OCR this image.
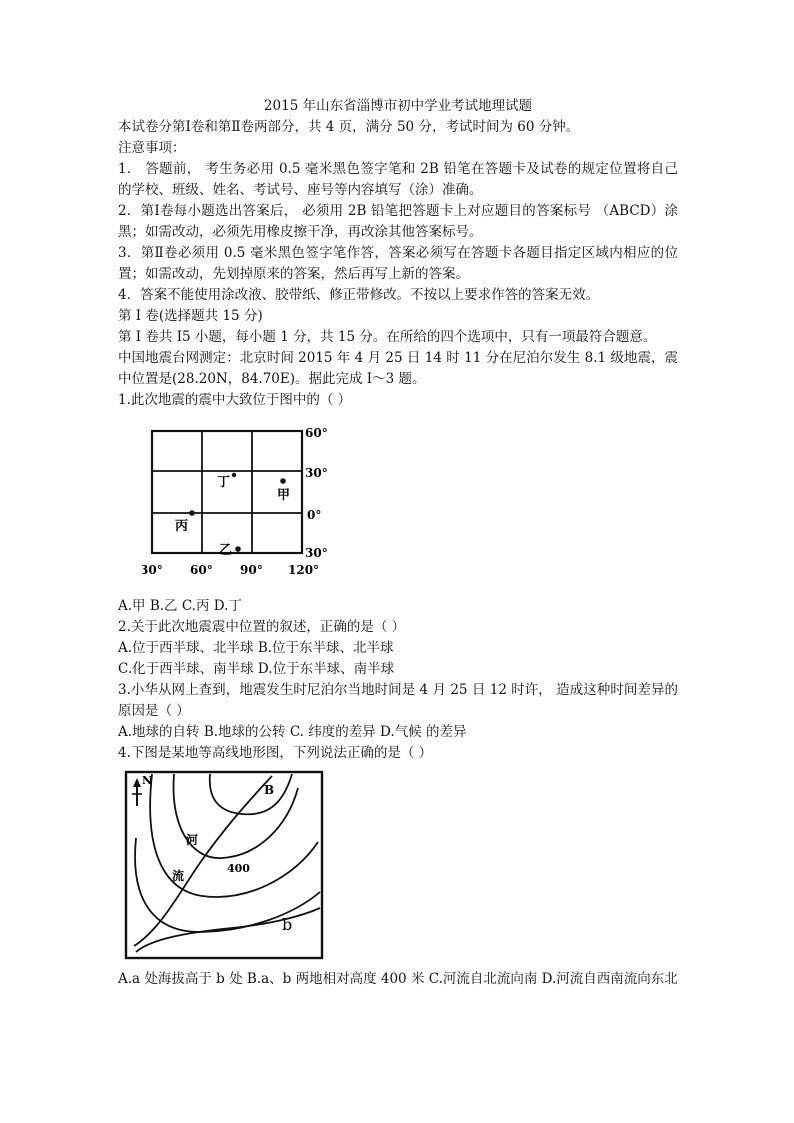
2015 年山东省淄博市初中学业考试地理试题

本试卷分第Ⅰ卷和第Ⅱ卷两部分，共 4 页，满分 50 分，考试时间为 60 分钟。

注意事项：

1． 答题前， 考生务必用 0.5 毫米黑色签字笔和 2B 铅笔在答题卡及试卷的规定位置将自己的学校、班级、姓名、考试号、座号等内容填写（涂）准确。

2．第Ⅰ卷每小题选出答案后， 必须用 2B 铅笔把答题卡上对应题目的答案标号 （ABCD）涂黑；如需改动，必须先用橡皮擦干净，再改涂其他答案标号。

3．第Ⅱ卷必须用 0.5 毫米黑色签字笔作答，答案必须写在答题卡各题目指定区域内相应的位置；如需改动，先划掉原来的答案，然后再写上新的答案。

4．答案不能使用涂改液、胶带纸、修正带修改。不按以上要求作答的答案无效。

第 Ⅰ 卷(选择题共 15 分)

第 Ⅰ 卷共 I5 小题，每小题 1 分，共 15 分。在所给的四个选项中，只有一项最符合题意。

中国地震台网测定：北京时间 2015 年 4 月 25 日 14 时 11 分在尼泊尔发生 8.1 级地震，震中位置是(28.20N，84.70E)。据此完成 Ⅰ～3 题。

1.此次地震的震中大致位于图中的（ ）

60°
30°
0°
30°
30° 60° 90° 120°
甲
乙
丙
丁

A.甲 B.乙 C.丙 D.丁

2.关于此次地震震中位置的叙述，正确的是（ ）

A.位于西半球、北半球 B.位于东半球、北半球

C.化于西半球、南半球 D.位于东半球、南半球

3.小华从网上查到，地震发生时尼泊尔当地时间是 4 月 25 日 12 时许， 造成这种时间差异的原因是（ ）

A.地球的自转 B.地球的公转 C. 纬度的差异 D.气候 的差异

4.下图是某地等高线地形图，下列说法正确的是（ ）

N
B
河
流
400
b

A.a 处海拔高于 b 处 B.a、b 两地相对高度 400 米 C.河流自北流向南 D.河流自西南流向东北
